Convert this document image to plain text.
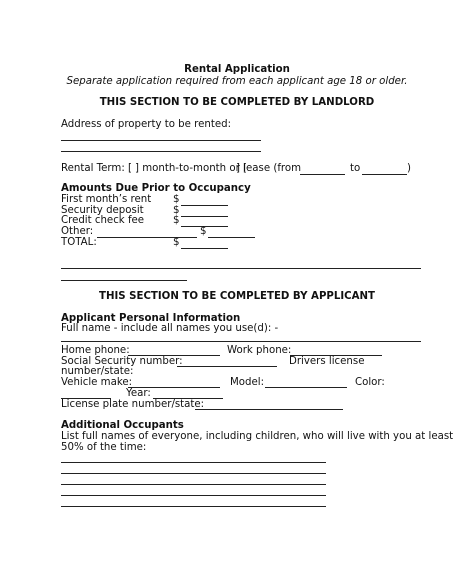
Rental Application
Separate application required from each applicant age 18 or older.
THIS SECTION TO BE COMPLETED BY LANDLORD
Address of property to be rented:
Rental Term: [ ] month-to-month or [
] lease (from	to	)
Amounts Due Prior to Occupancy
First month’s rent $
Security deposit	$
Credit check fee	$
Other:	$
TOTAL:	$
THIS SECTION TO BE COMPLETED BY APPLICANT
Applicant Personal Information
Full name - include all names you use(d): -
Home phone:	Work phone:
Social Security number:	Drivers license
number/state:
Vehicle make:	Model:	Color:
Year:
License plate number/state:
Additional Occupants
List full names of everyone, including children, who will live with you at least
50% of the time:
